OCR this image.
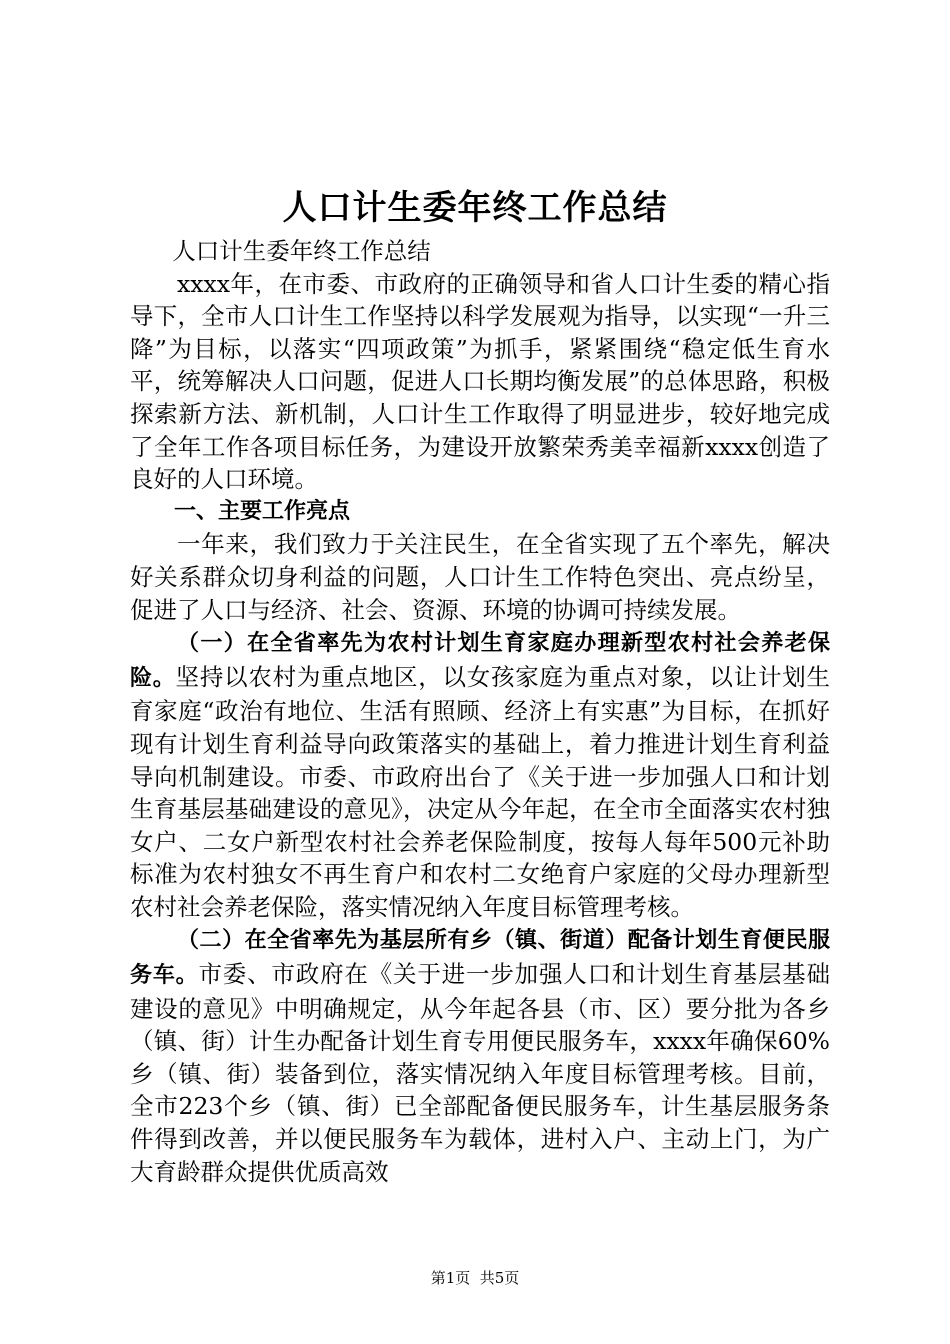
人口计生委年终工作总结

人口计生委年终工作总结

xxxx年，在市委、市政府的正确领导和省人口计生委的精心指导下，全市人口计生工作坚持以科学发展观为指导，以实现“一升三降”为目标，以落实“四项政策”为抓手，紧紧围绕“稳定低生育水平，统筹解决人口问题，促进人口长期均衡发展”的总体思路，积极探索新方法、新机制，人口计生工作取得了明显进步，较好地完成了全年工作各项目标任务，为建设开放繁荣秀美幸福新xxxx创造了良好的人口环境。

一、主要工作亮点

一年来，我们致力于关注民生，在全省实现了五个率先，解决好关系群众切身利益的问题，人口计生工作特色突出、亮点纷呈，促进了人口与经济、社会、资源、环境的协调可持续发展。

（一）在全省率先为农村计划生育家庭办理新型农村社会养老保险。坚持以农村为重点地区，以女孩家庭为重点对象，以让计划生育家庭“政治有地位、生活有照顾、经济上有实惠”为目标，在抓好现有计划生育利益导向政策落实的基础上，着力推进计划生育利益导向机制建设。市委、市政府出台了《关于进一步加强人口和计划生育基层基础建设的意见》，决定从今年起，在全市全面落实农村独女户、二女户新型农村社会养老保险制度，按每人每年500元补助标准为农村独女不再生育户和农村二女绝育户家庭的父母办理新型农村社会养老保险，落实情况纳入年度目标管理考核。

（二）在全省率先为基层所有乡（镇、街道）配备计划生育便民服务车。市委、市政府在《关于进一步加强人口和计划生育基层基础建设的意见》中明确规定，从今年起各县（市、区）要分批为各乡（镇、街）计生办配备计划生育专用便民服务车，xxxx年确保60%乡（镇、街）装备到位，落实情况纳入年度目标管理考核。目前，全市223个乡（镇、街）已全部配备便民服务车，计生基层服务条件得到改善，并以便民服务车为载体，进村入户、主动上门，为广大育龄群众提供优质高效

第1页  共5页
